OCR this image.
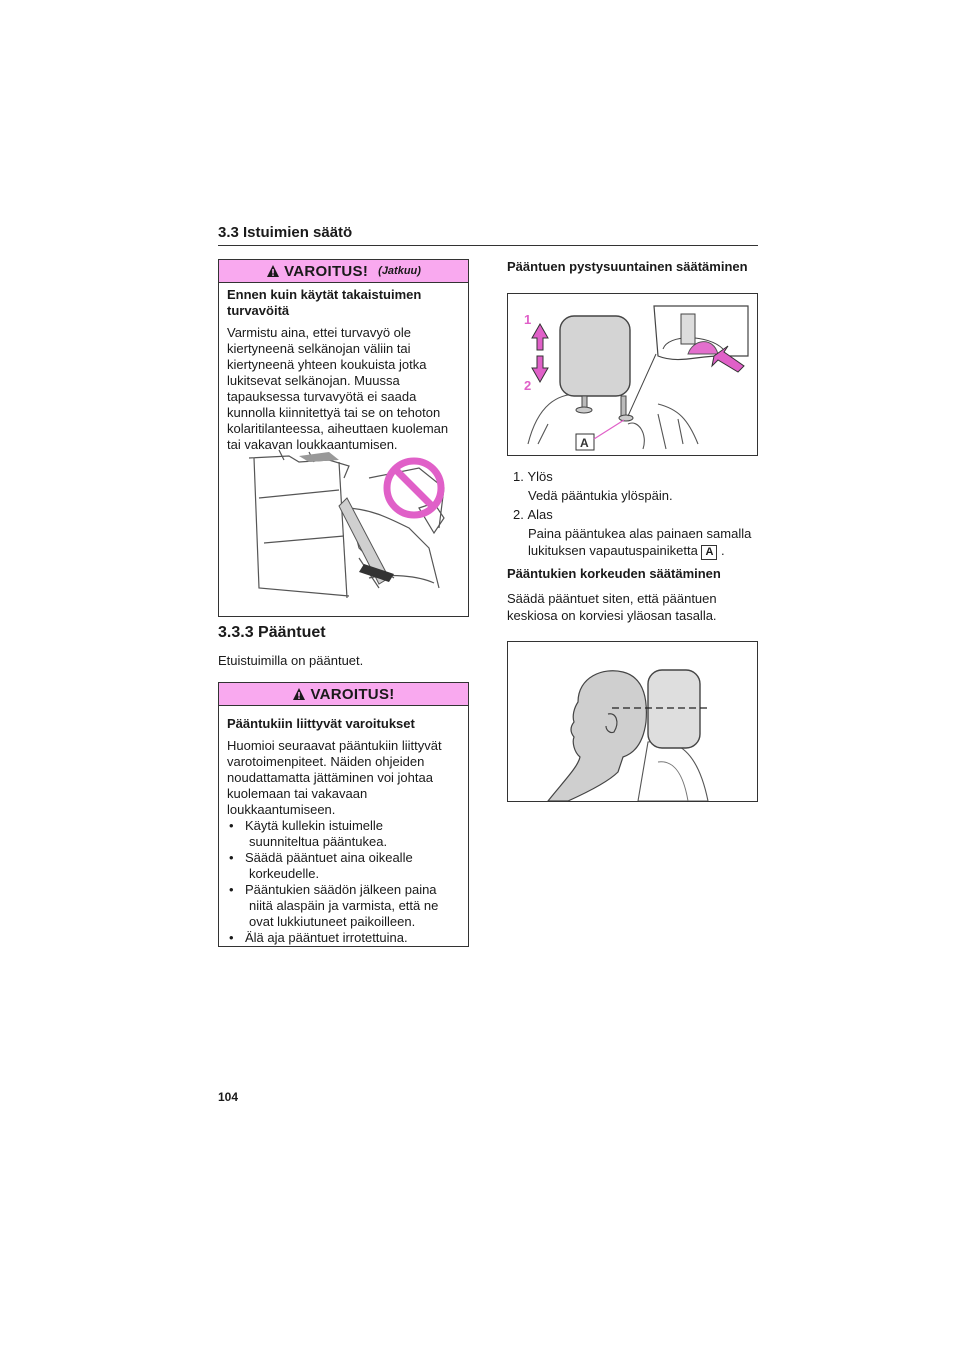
3.3 Istuimien säätö
VAROITUS! (Jatkuu)
Ennen kuin käytät takaistuimen turvavöitä
Varmistu aina, ettei turvavyö ole kiertyneenä selkänojan väliin tai kiertyneenä yhteen koukuista jotka lukitsevat selkänojan. Muussa tapauksessa turvavyötä ei saada kunnolla kiinnitettyä tai se on tehoton kolaritilanteessa, aiheuttaen kuoleman tai vakavan loukkaantumisen.
3.3.3 Pääntuet
Etuistuimilla on pääntuet.
VAROITUS!
Pääntukiin liittyvät varoitukset
Huomioi seuraavat pääntukiin liittyvät varotoimenpiteet. Näiden ohjeiden noudattamatta jättäminen voi johtaa kuolemaan tai vakavaan loukkaantumiseen.
• Käytä kullekin istuimelle
suunniteltua pääntukea.
• Säädä pääntuet aina oikealle
korkeudelle.
• Pääntukien säädön jälkeen paina
niitä alaspäin ja varmista, että ne
ovat lukkiutuneet paikoilleen.
• Älä aja pääntuet irrotettuina.
Pääntuen pystysuuntainen säätäminen
1
2
A
1. Ylös
Vedä pääntukia ylöspäin.
2. Alas
Paina pääntukea alas painaen samalla
lukituksen vapautuspainiketta A .
Pääntukien korkeuden säätäminen
Säädä pääntuet siten, että pääntuen
keskiosa on korviesi yläosan tasalla.
104
